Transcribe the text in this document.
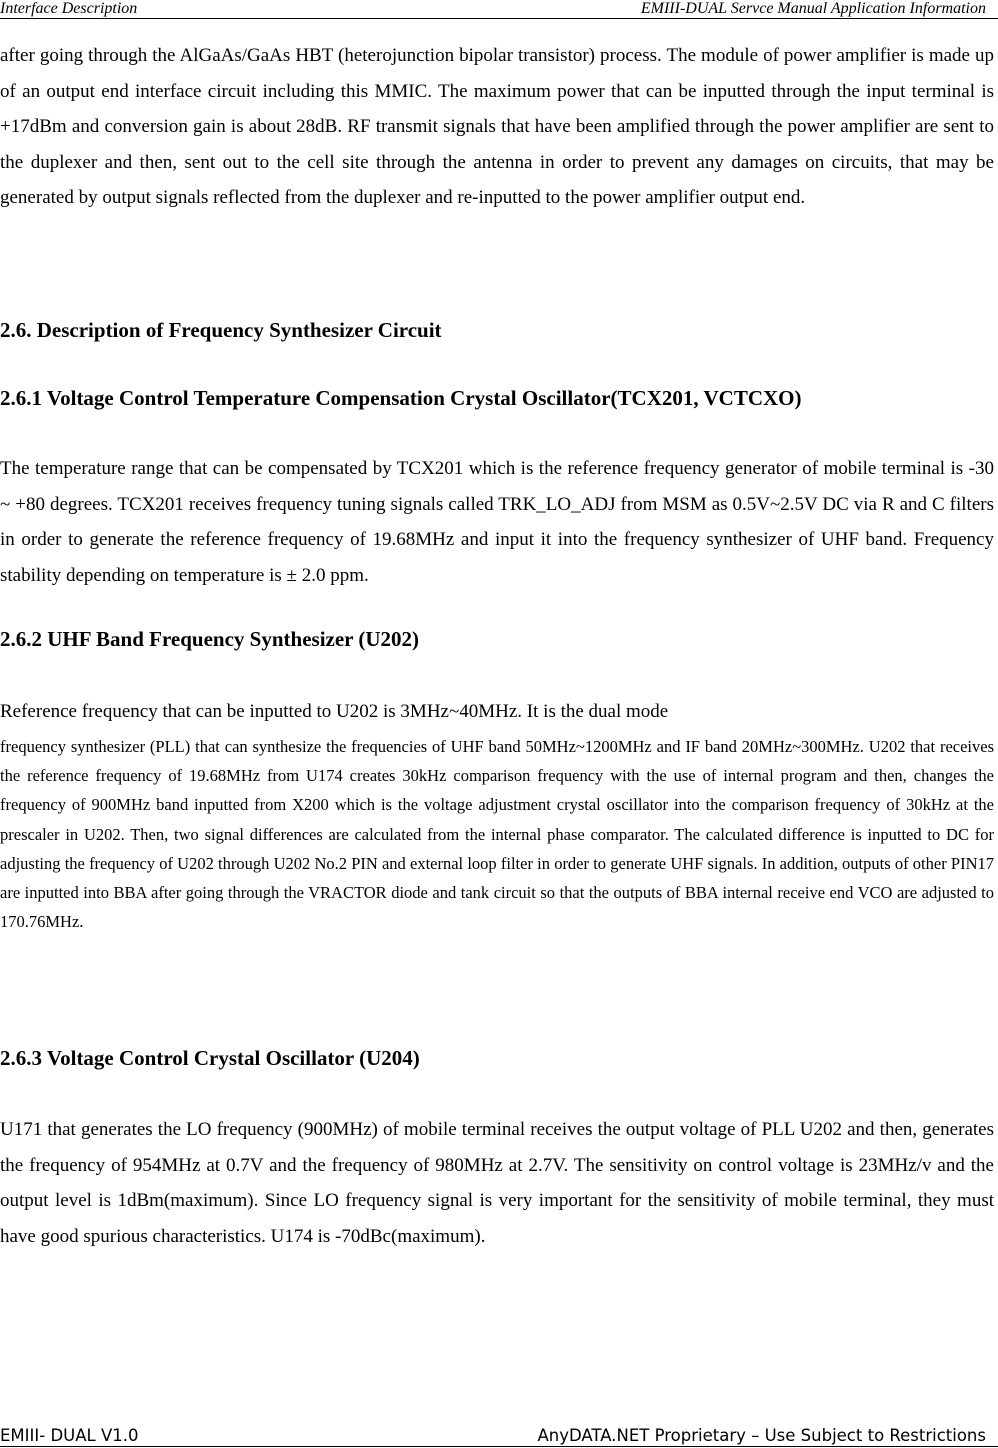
Interface Description	EMIII-DUAL Servce Manual Application Information

after going through the AlGaAs/GaAs HBT (heterojunction bipolar transistor) process. The module of power amplifier is made up of an output end interface circuit including this MMIC. The maximum power that can be inputted through the input terminal is +17dBm and conversion gain is about 28dB. RF transmit signals that have been amplified through the power amplifier are sent to the duplexer and then, sent out to the cell site through the antenna in order to prevent any damages on circuits, that may be generated by output signals reflected from the duplexer and re-inputted to the power amplifier output end.

2.6. Description of Frequency Synthesizer Circuit
2.6.1 Voltage Control Temperature Compensation Crystal Oscillator(TCX201, VCTCXO)

The temperature range that can be compensated by TCX201 which is the reference frequency generator of mobile terminal is -30 ~ +80 degrees. TCX201 receives frequency tuning signals called TRK_LO_ADJ from MSM as 0.5V~2.5V DC via R and C filters in order to generate the reference frequency of 19.68MHz and input it into the frequency synthesizer of UHF band. Frequency stability depending on temperature is ± 2.0 ppm.

2.6.2 UHF Band Frequency Synthesizer (U202)

Reference frequency that can be inputted to U202 is 3MHz~40MHz. It is the dual mode

frequency synthesizer (PLL) that can synthesize the frequencies of UHF band 50MHz~1200MHz and IF band 20MHz~300MHz. U202 that receives the reference frequency of 19.68MHz from U174 creates 30kHz comparison frequency with the use of internal program and then, changes the frequency of 900MHz band inputted from X200 which is the voltage adjustment crystal oscillator into the comparison frequency of 30kHz at the prescaler in U202. Then, two signal differences are calculated from the internal phase comparator. The calculated difference is inputted to DC for adjusting the frequency of U202 through U202 No.2 PIN and external loop filter in order to generate UHF signals. In addition, outputs of other PIN17 are inputted into BBA after going through the VRACTOR diode and tank circuit so that the outputs of BBA internal receive end VCO are adjusted to 170.76MHz.

2.6.3 Voltage Control Crystal Oscillator (U204)

U171 that generates the LO frequency (900MHz) of mobile terminal receives the output voltage of PLL U202 and then, generates the frequency of 954MHz at 0.7V and the frequency of 980MHz at 2.7V. The sensitivity on control voltage is 23MHz/v and the output level is 1dBm(maximum). Since LO frequency signal is very important for the sensitivity of mobile terminal, they must have good spurious characteristics. U174 is -70dBc(maximum).

EMIII- DUAL V1.0	AnyDATA.NET Proprietary – Use Subject to Restrictions
